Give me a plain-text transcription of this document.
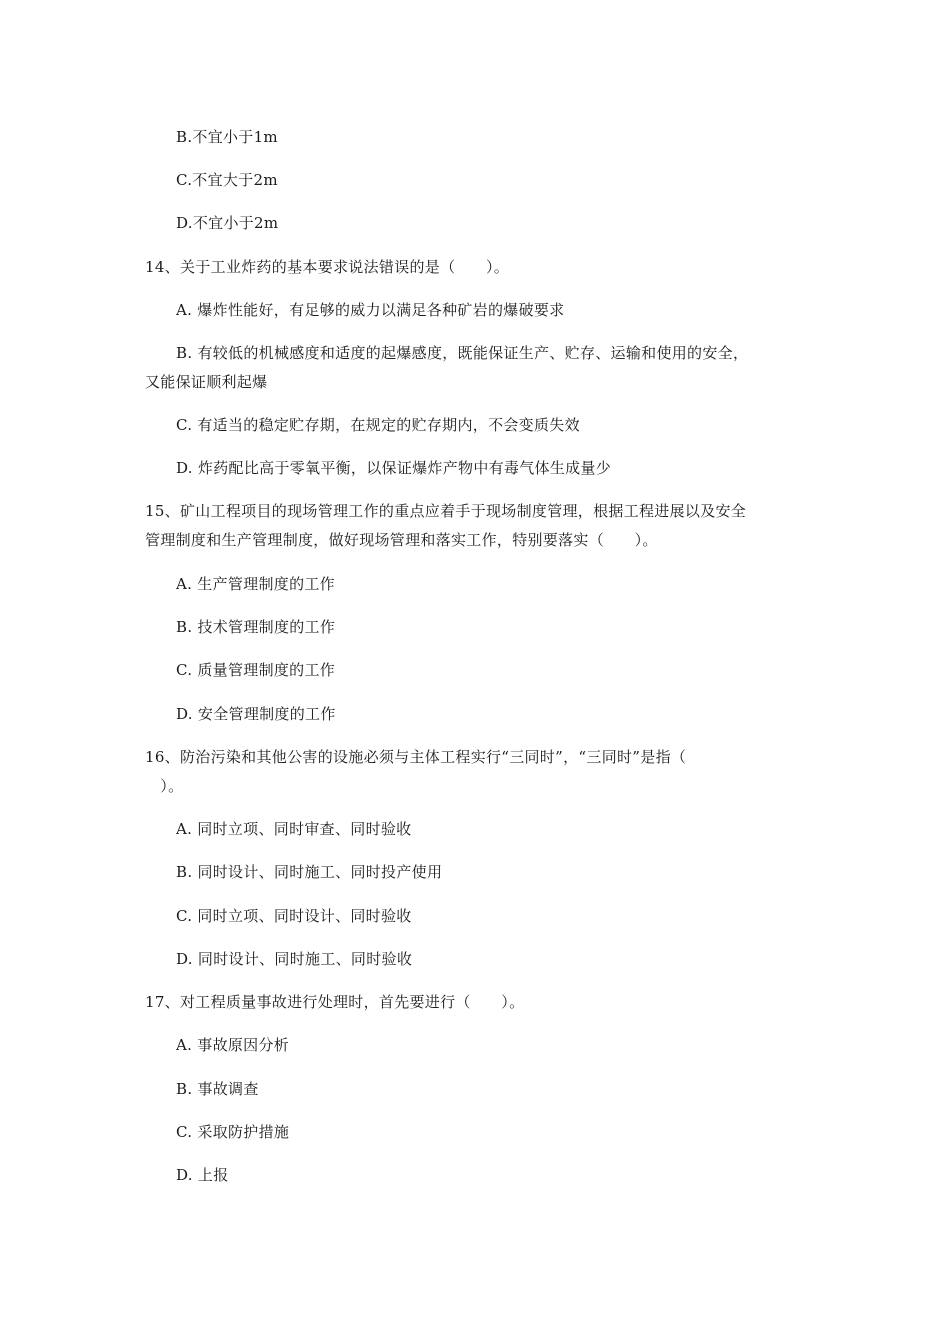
B.不宜小于1m
C.不宜大于2m
D.不宜小于2m
14、关于工业炸药的基本要求说法错误的是（　　）。
A. 爆炸性能好，有足够的威力以满足各种矿岩的爆破要求
B. 有较低的机械感度和适度的起爆感度，既能保证生产、贮存、运输和使用的安全，
又能保证顺利起爆
C. 有适当的稳定贮存期，在规定的贮存期内，不会变质失效
D. 炸药配比高于零氧平衡，以保证爆炸产物中有毒气体生成量少
15、矿山工程项目的现场管理工作的重点应着手于现场制度管理，根据工程进展以及安全
管理制度和生产管理制度，做好现场管理和落实工作，特别要落实（　　）。
A. 生产管理制度的工作
B. 技术管理制度的工作
C. 质量管理制度的工作
D. 安全管理制度的工作
16、防治污染和其他公害的设施必须与主体工程实行“三同时”，“三同时”是指（
　）。
A. 同时立项、同时审查、同时验收
B. 同时设计、同时施工、同时投产使用
C. 同时立项、同时设计、同时验收
D. 同时设计、同时施工、同时验收
17、对工程质量事故进行处理时，首先要进行（　　）。
A. 事故原因分析
B. 事故调查
C. 采取防护措施
D. 上报
